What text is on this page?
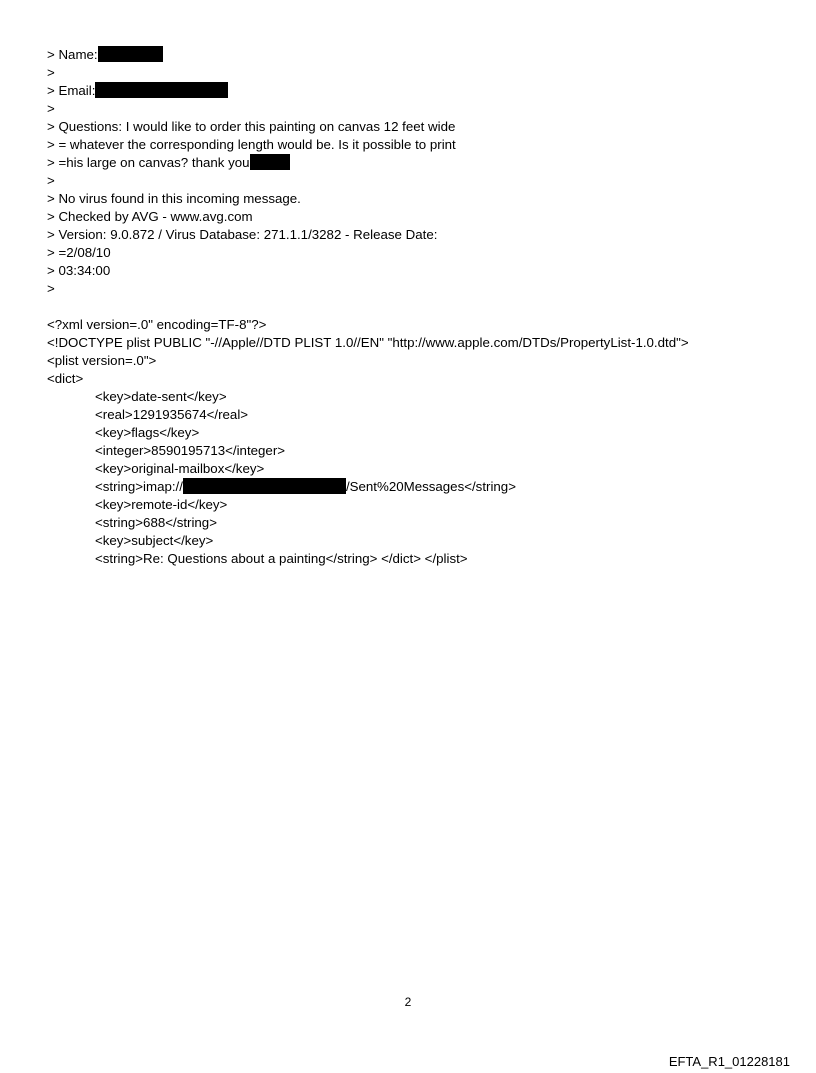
> Name:
>
> Email:
>
> Questions: I would like to order this painting on canvas 12 feet wide
> = whatever the corresponding length would be. Is it possible to print
> =his large on canvas? thank you
>
> No virus found in this incoming message.
> Checked by AVG - www.avg.com
> Version: 9.0.872 / Virus Database: 271.1.1/3282 - Release Date:
> =2/08/10
> 03:34:00
>
<?xml version=.0" encoding=TF-8"?>
<!DOCTYPE plist PUBLIC "-//Apple//DTD PLIST 1.0//EN" "http://www.apple.com/DTDs/PropertyList-1.0.dtd">
<plist version=.0">
<dict>
<key>date-sent</key>
<real>1291935674</real>
<key>flags</key>
<integer>8590195713</integer>
<key>original-mailbox</key>
<string>imap://	/Sent%20Messages</string>
<key>remote-id</key>
<string>688</string>
<key>subject</key>
<string>Re: Questions about a painting</string> </dict> </plist>
2
EFTA_R1_01228181
